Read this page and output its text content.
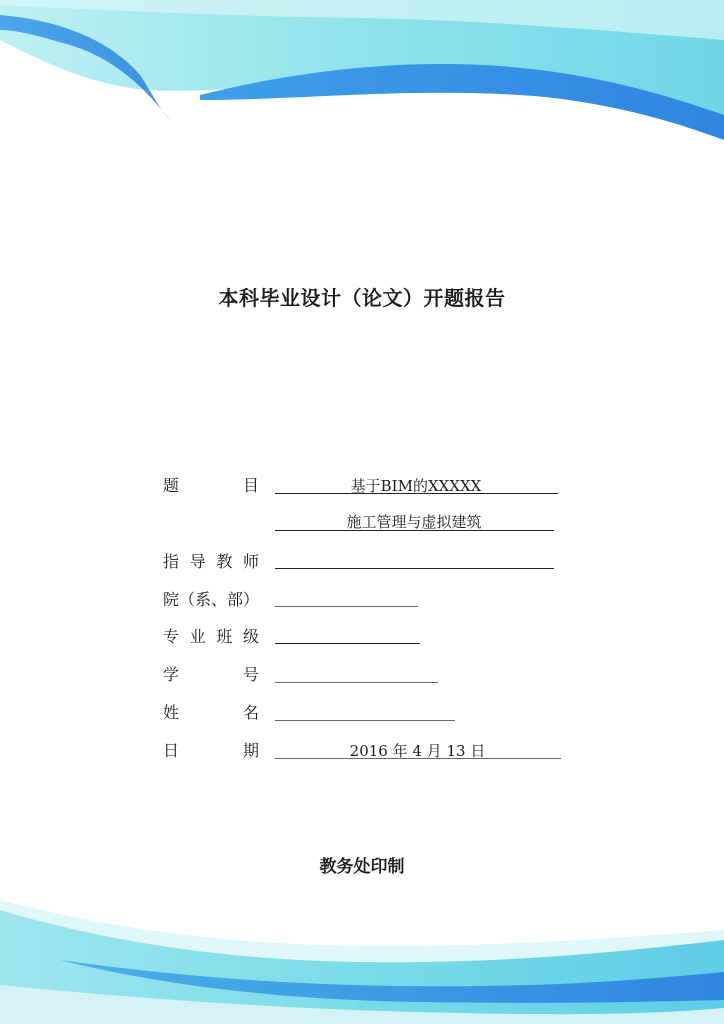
本科毕业设计（论文）开题报告
题	目	基于BIM的XXXXX
施工管理与虚拟建筑
指 导 教 师
院（系、部）
专 业 班 级
学	号
姓	名
日	期	2016 年 4 月 13 日
教务处印制
